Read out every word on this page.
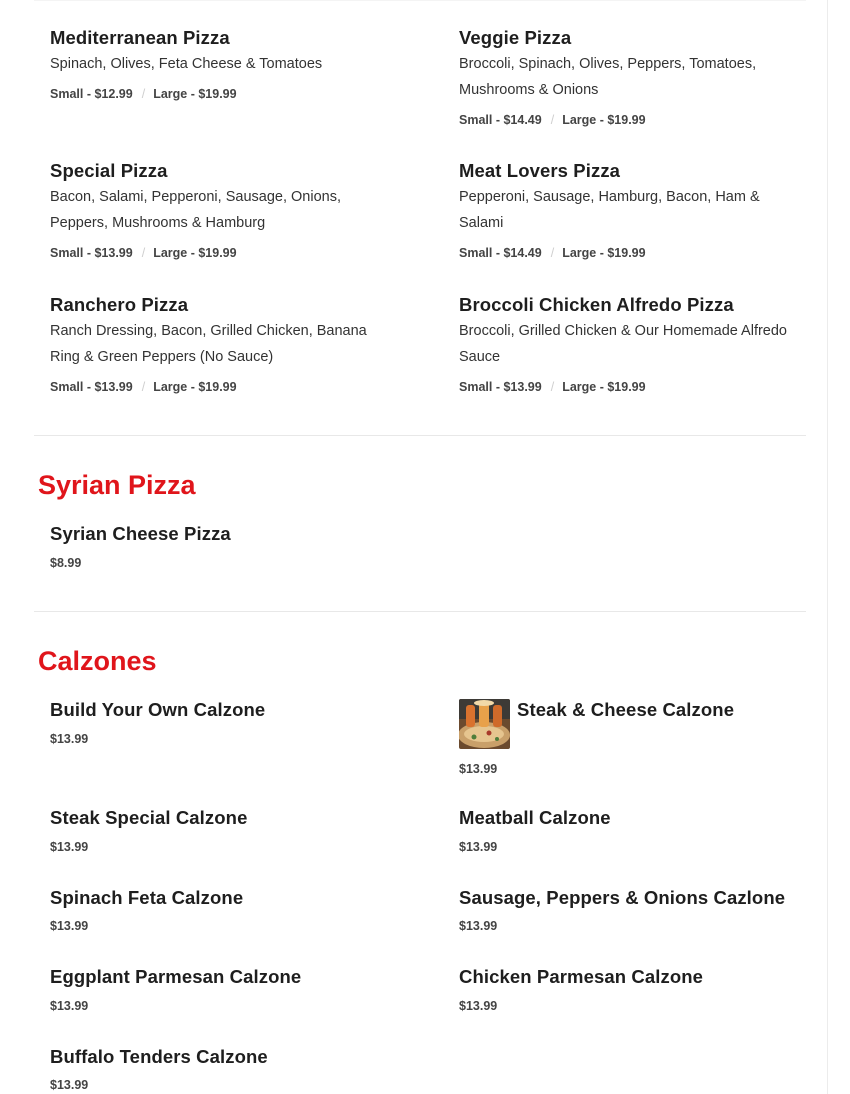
Mediterranean Pizza

Spinach, Olives, Feta Cheese & Tomatoes

Small - $12.99 / Large - $19.99

Veggie Pizza

Broccoli, Spinach, Olives, Peppers, Tomatoes, Mushrooms & Onions

Small - $14.49 / Large - $19.99

Special Pizza

Bacon, Salami, Pepperoni, Sausage, Onions, Peppers, Mushrooms & Hamburg

Small - $13.99 / Large - $19.99

Meat Lovers Pizza

Pepperoni, Sausage, Hamburg, Bacon, Ham & Salami

Small - $14.49 / Large - $19.99

Ranchero Pizza

Ranch Dressing, Bacon, Grilled Chicken, Banana Ring & Green Peppers (No Sauce)

Small - $13.99 / Large - $19.99

Broccoli Chicken Alfredo Pizza

Broccoli, Grilled Chicken & Our Homemade Alfredo Sauce

Small - $13.99 / Large - $19.99
Syrian Pizza

Syrian Cheese Pizza

$8.99
Calzones

Build Your Own Calzone

$13.99

Steak & Cheese Calzone

$13.99

Steak Special Calzone

$13.99

Meatball Calzone

$13.99

Spinach Feta Calzone

$13.99

Sausage, Peppers & Onions Cazlone

$13.99

Eggplant Parmesan Calzone

$13.99

Chicken Parmesan Calzone

$13.99

Buffalo Tenders Calzone

$13.99
